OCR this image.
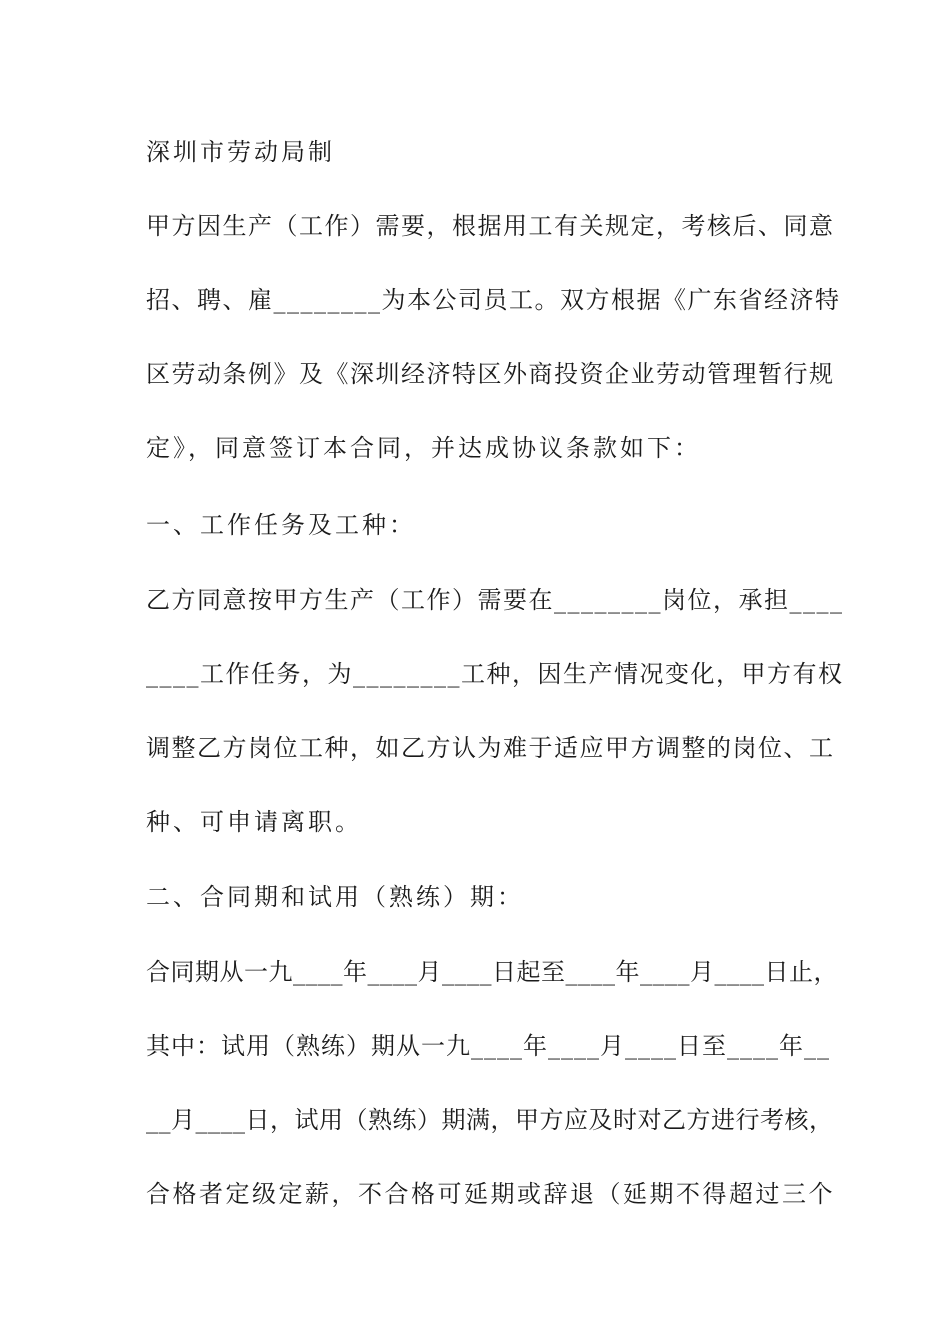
深圳市劳动局制
甲方因生产（工作）需要，根据用工有关规定，考核后、同意
招、聘、雇________为本公司员工。双方根据《广东省经济特
区劳动条例》及《深圳经济特区外商投资企业劳动管理暂行规
定》，同意签订本合同，并达成协议条款如下：
一、工作任务及工种：
乙方同意按甲方生产（工作）需要在________岗位，承担____
____工作任务，为________工种，因生产情况变化，甲方有权
调整乙方岗位工种，如乙方认为难于适应甲方调整的岗位、工
种、可申请离职。
二、合同期和试用（熟练）期：
合同期从一九____年____月____日起至____年____月____日止，
其中：试用（熟练）期从一九____年____月____日至____年__
__月____日，试用（熟练）期满，甲方应及时对乙方进行考核，
合格者定级定薪，不合格可延期或辞退（延期不得超过三个
